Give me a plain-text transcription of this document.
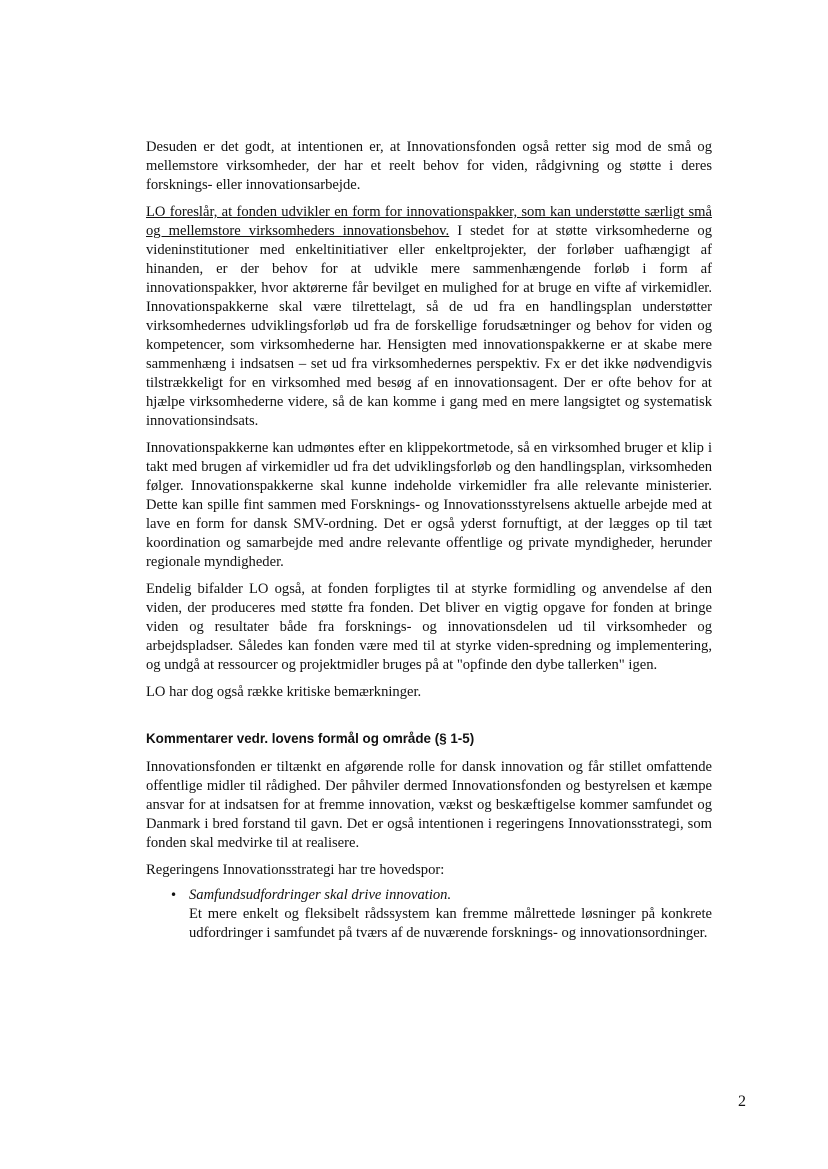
Desuden er det godt, at intentionen er, at Innovationsfonden også retter sig mod de små og mellemstore virksomheder, der har et reelt behov for viden, rådgivning og støtte i deres forsknings- eller innovationsarbejde.

LO foreslår, at fonden udvikler en form for innovationspakker, som kan understøtte særligt små og mellemstore virksomheders innovationsbehov. I stedet for at støtte virksomhederne og videninstitutioner med enkeltinitiativer eller enkeltprojekter, der forløber uafhængigt af hinanden, er der behov for at udvikle mere sammenhængende forløb i form af innovationspakker, hvor aktørerne får bevilget en mulighed for at bruge en vifte af virkemidler. Innovationspakkerne skal være tilrettelagt, så de ud fra en handlingsplan understøtter virksomhedernes udviklingsforløb ud fra de forskellige forudsætninger og behov for viden og kompetencer, som virksomhederne har. Hensigten med innovationspakkerne er at skabe mere sammenhæng i indsatsen – set ud fra virksomhedernes perspektiv. Fx er det ikke nødvendigvis tilstrækkeligt for en virksomhed med besøg af en innovationsagent. Der er ofte behov for at hjælpe virksomhederne videre, så de kan komme i gang med en mere langsigtet og systematisk innovationsindsats.

Innovationspakkerne kan udmøntes efter en klippekortmetode, så en virksomhed bruger et klip i takt med brugen af virkemidler ud fra det udviklingsforløb og den handlingsplan, virksomheden følger. Innovationspakkerne skal kunne indeholde virkemidler fra alle relevante ministerier. Dette kan spille fint sammen med Forsknings- og Innovationsstyrelsens aktuelle arbejde med at lave en form for dansk SMV-ordning. Det er også yderst fornuftigt, at der lægges op til tæt koordination og samarbejde med andre relevante offentlige og private myndigheder, herunder regionale myndigheder.

Endelig bifalder LO også, at fonden forpligtes til at styrke formidling og anvendelse af den viden, der produceres med støtte fra fonden. Det bliver en vigtig opgave for fonden at bringe viden og resultater både fra forsknings- og innovationsdelen ud til virksomheder og arbejdspladser. Således kan fonden være med til at styrke viden-spredning og implementering, og undgå at ressourcer og projektmidler bruges på at "opfinde den dybe tallerken" igen.

LO har dog også række kritiske bemærkninger.

Kommentarer vedr. lovens formål og område (§ 1-5)

Innovationsfonden er tiltænkt en afgørende rolle for dansk innovation og får stillet omfattende offentlige midler til rådighed. Der påhviler dermed Innovationsfonden og bestyrelsen et kæmpe ansvar for at indsatsen for at fremme innovation, vækst og beskæftigelse kommer samfundet og Danmark i bred forstand til gavn. Det er også intentionen i regeringens Innovationsstrategi, som fonden skal medvirke til at realisere.

Regeringens Innovationsstrategi har tre hovedspor:

• Samfundsudfordringer skal drive innovation.
Et mere enkelt og fleksibelt rådssystem kan fremme målrettede løsninger på konkrete udfordringer i samfundet på tværs af de nuværende forsknings- og innovationsordninger.
2
